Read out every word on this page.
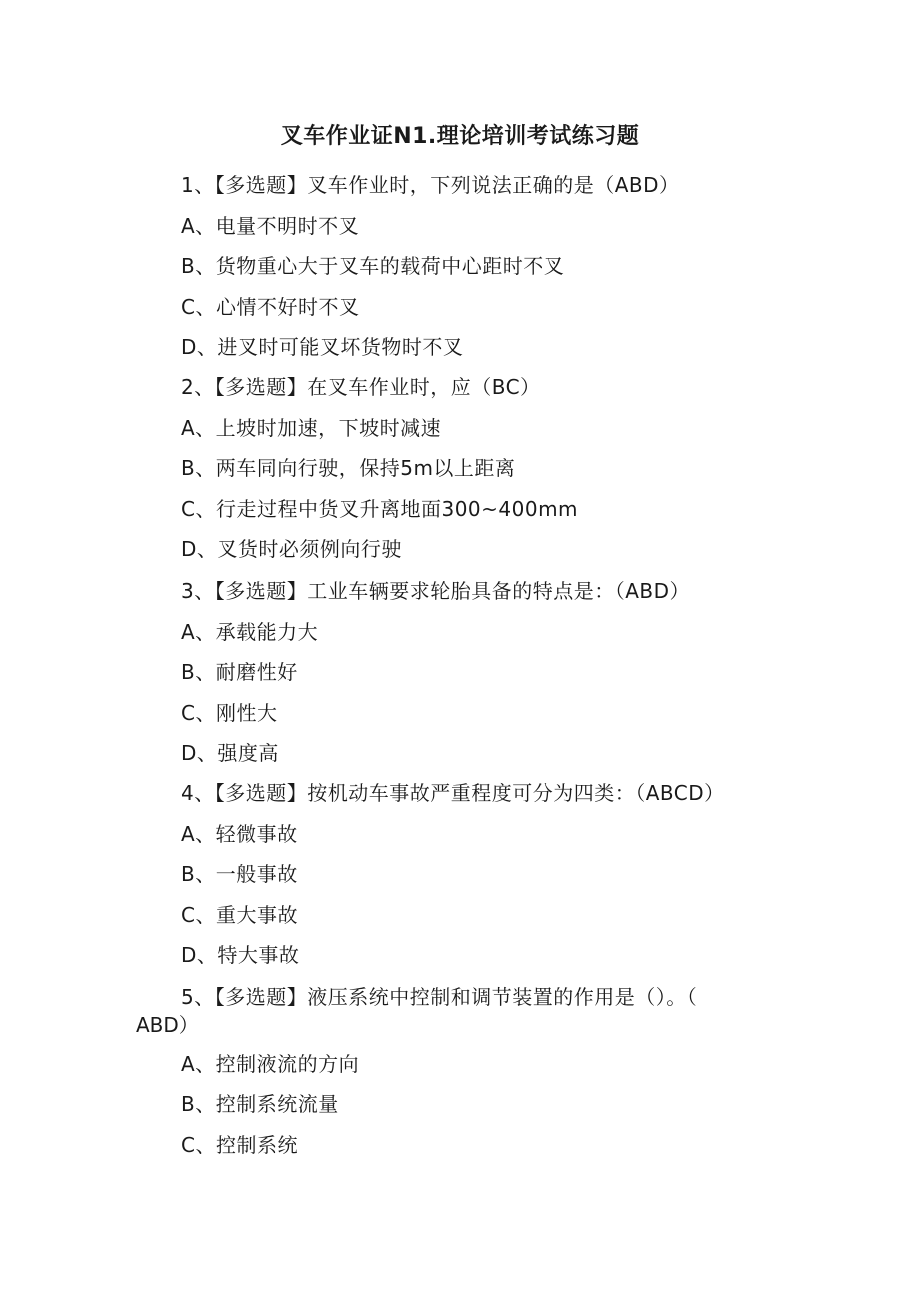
叉车作业证N1.理论培训考试练习题
1、【多选题】叉车作业时，下列说法正确的是（ABD）
A、电量不明时不叉
B、货物重心大于叉车的载荷中心距时不叉
C、心情不好时不叉
D、进叉时可能叉坏货物时不叉
2、【多选题】在叉车作业时，应（BC）
A、上坡时加速，下坡时减速
B、两车同向行驶，保持5m以上距离
C、行走过程中货叉升离地面300~400mm
D、叉货时必须例向行驶
3、【多选题】工业车辆要求轮胎具备的特点是：（ABD）
A、承载能力大
B、耐磨性好
C、刚性大
D、强度高
4、【多选题】按机动车事故严重程度可分为四类：（ABCD）
A、轻微事故
B、一般事故
C、重大事故
D、特大事故
5、【多选题】液压系统中控制和调节装置的作用是（）。（
ABD）
A、控制液流的方向
B、控制系统流量
C、控制系统
